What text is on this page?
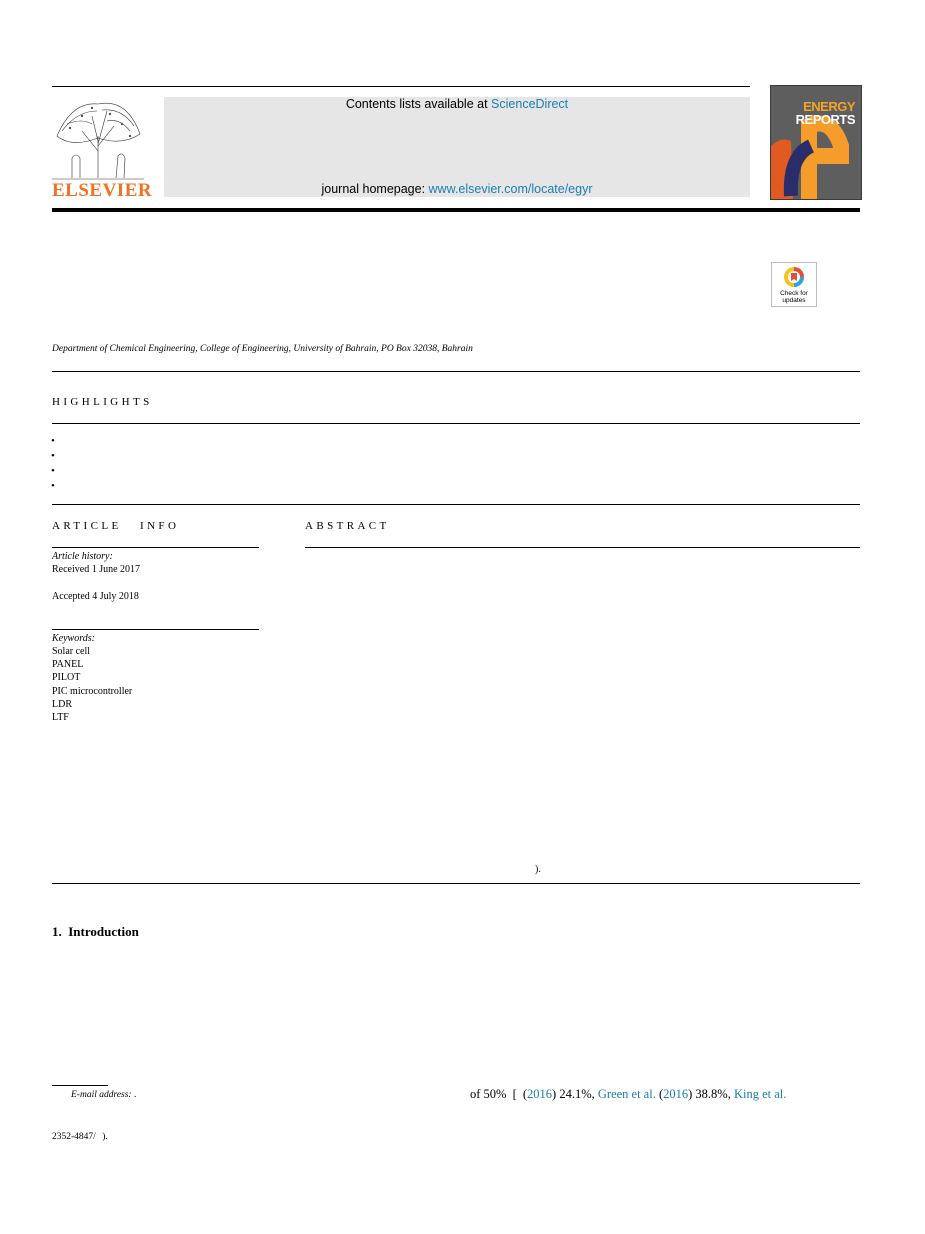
ELSEVIER
Contents lists available at ScienceDirect
journal homepage: www.elsevier.com/locate/egyr
ENERGY
REPORTS
Check for
updates
Department of Chemical Engineering, College of Engineering, University of Bahrain, PO Box 32038, Bahrain
HIGHLIGHTS
•
•
•
•
ARTICLE   INFO
Article history:
Received 1 June 2017
Accepted 4 July 2018
Keywords:
Solar cell
PANEL
PILOT
PIC microcontroller
LDR
LTF
ABSTRACT
).
1.  Introduction
E-mail address: .
2352-4847/ ).
of 50% [ (2016) 24.1%, Green et al. (2016) 38.8%, King et al.
